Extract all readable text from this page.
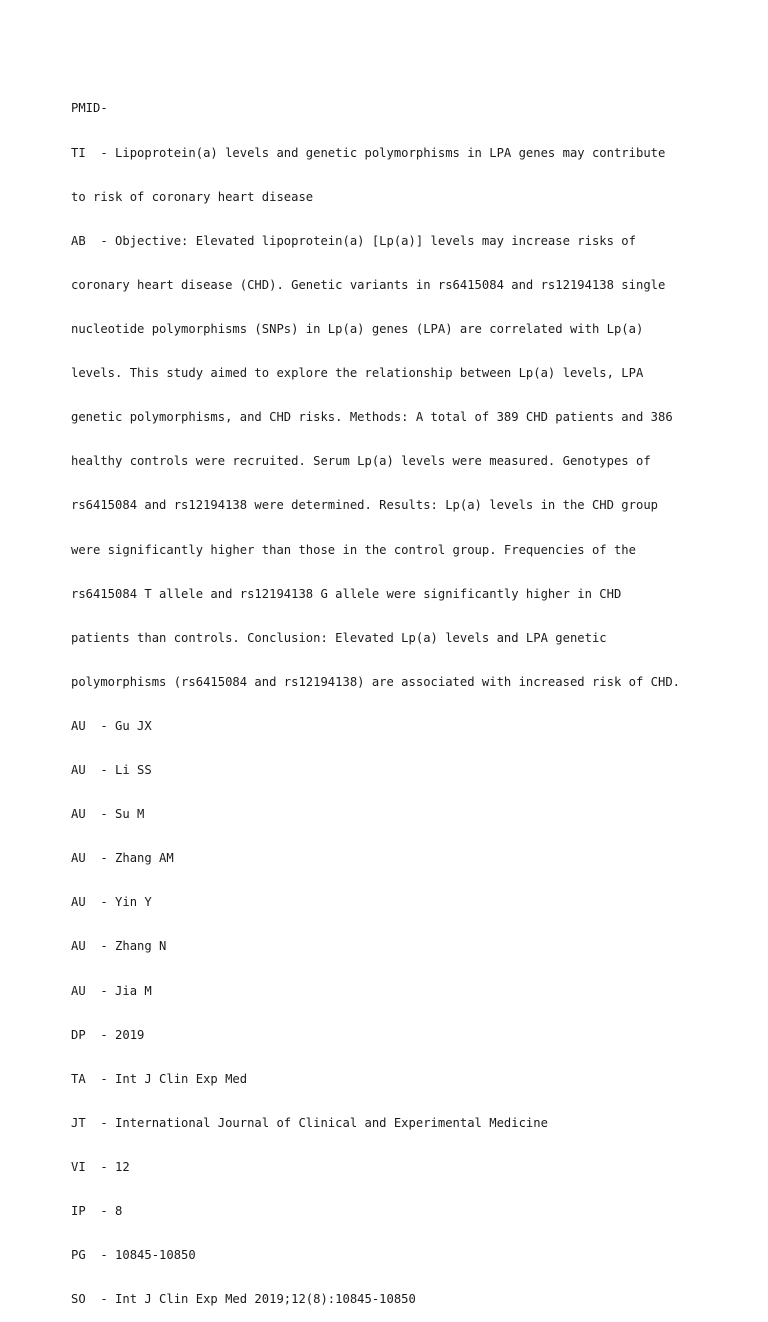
PMID-

TI  - Lipoprotein(a) levels and genetic polymorphisms in LPA genes may contribute

to risk of coronary heart disease

AB  - Objective: Elevated lipoprotein(a) [Lp(a)] levels may increase risks of

coronary heart disease (CHD). Genetic variants in rs6415084 and rs12194138 single

nucleotide polymorphisms (SNPs) in Lp(a) genes (LPA) are correlated with Lp(a)

levels. This study aimed to explore the relationship between Lp(a) levels, LPA

genetic polymorphisms, and CHD risks. Methods: A total of 389 CHD patients and 386

healthy controls were recruited. Serum Lp(a) levels were measured. Genotypes of

rs6415084 and rs12194138 were determined. Results: Lp(a) levels in the CHD group

were significantly higher than those in the control group. Frequencies of the

rs6415084 T allele and rs12194138 G allele were significantly higher in CHD

patients than controls. Conclusion: Elevated Lp(a) levels and LPA genetic

polymorphisms (rs6415084 and rs12194138) are associated with increased risk of CHD.

AU  - Gu JX

AU  - Li SS

AU  - Su M

AU  - Zhang AM

AU  - Yin Y

AU  - Zhang N

AU  - Jia M

DP  - 2019

TA  - Int J Clin Exp Med

JT  - International Journal of Clinical and Experimental Medicine

VI  - 12

IP  - 8

PG  - 10845-10850

SO  - Int J Clin Exp Med 2019;12(8):10845-10850
